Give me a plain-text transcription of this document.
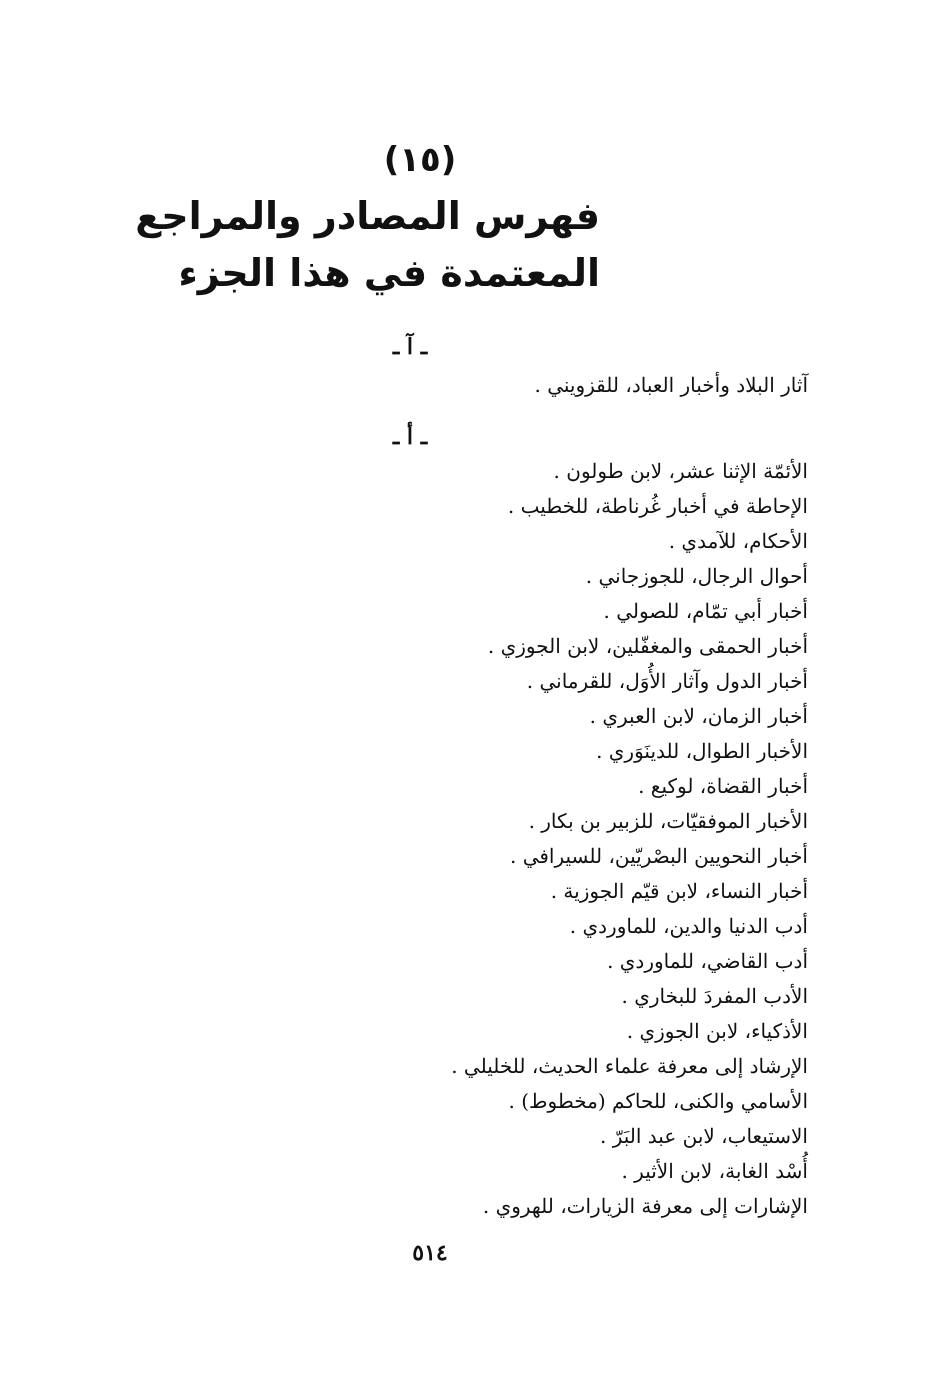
(١٥)
فهرس المصادر والمراجع
المعتمدة في هذا الجزء
ـ آ ـ
آثار البلاد وأخبار العباد، للقزويني .
ـ أ ـ
الأئمّة الإثنا عشر، لابن طولون .
الإحاطة في أخبار غُرناطة، للخطيب .
الأحكام، للآمدي .
أحوال الرجال، للجوزجاني .
أخبار أبي تمّام، للصولي .
أخبار الحمقى والمغفّلين، لابن الجوزي .
أخبار الدول وآثار الأُوَل، للقرماني .
أخبار الزمان، لابن العبري .
الأخبار الطوال، للدينَوَري .
أخبار القضاة، لوكيع .
الأخبار الموفقيّات، للزبير بن بكار .
أخبار النحويين البصْريّين، للسيرافي .
أخبار النساء، لابن قيّم الجوزية .
أدب الدنيا والدين، للماوردي .
أدب القاضي، للماوردي .
الأدب المفردَ للبخاري .
الأذكياء، لابن الجوزي .
الإرشاد إلى معرفة علماء الحديث، للخليلي .
الأسامي والكنى، للحاكم (مخطوط) .
الاستيعاب، لابن عبد البَرّ .
أُسْد الغابة، لابن الأثير .
الإشارات إلى معرفة الزيارات، للهروي .
٥١٤
